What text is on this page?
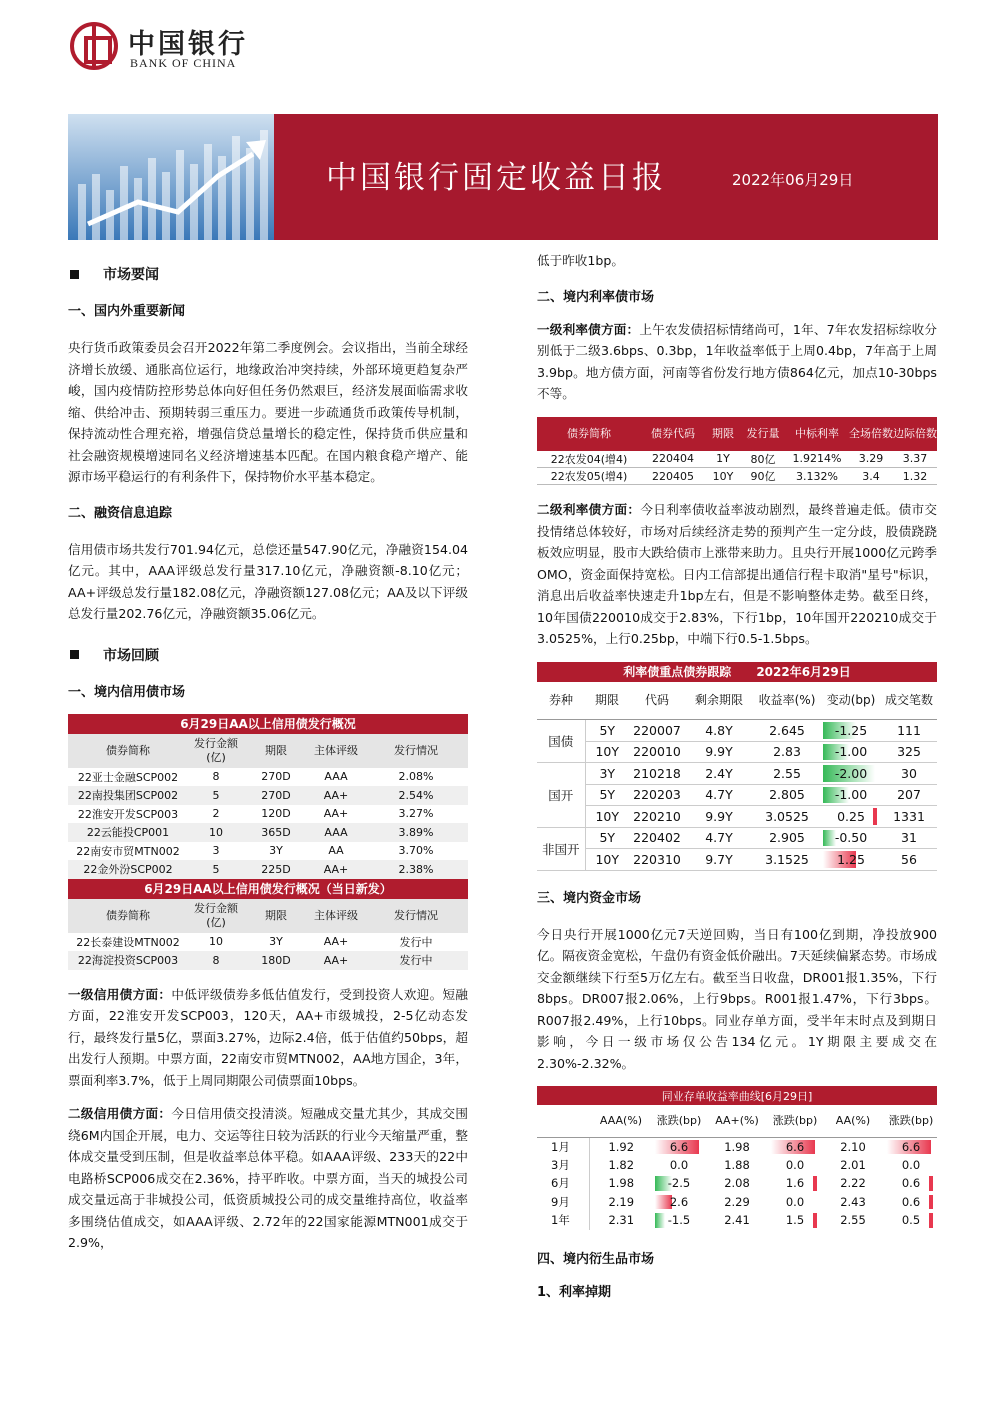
中国银行
BANK OF CHINA
中国银行固定收益日报	2022年06月29日
市场要闻
一、国内外重要新闻
央行货币政策委员会召开2022年第二季度例会。会议指出，当前全球经济增长放缓、通胀高位运行，地缘政治冲突持续，外部环境更趋复杂严峻，国内疫情防控形势总体向好但任务仍然艰巨，经济发展面临需求收缩、供给冲击、预期转弱三重压力。要进一步疏通货币政策传导机制，保持流动性合理充裕，增强信贷总量增长的稳定性，保持货币供应量和社会融资规模增速同名义经济增速基本匹配。在国内粮食稳产增产、能源市场平稳运行的有利条件下，保持物价水平基本稳定。
二、融资信息追踪
信用债市场共发行701.94亿元，总偿还量547.90亿元，净融资154.04亿元。其中，AAA评级总发行量317.10亿元，净融资额-8.10亿元；AA+评级总发行量182.08亿元，净融资额127.08亿元；AA及以下评级总发行量202.76亿元，净融资额35.06亿元。
市场回顾
一、境内信用债市场
6月29日AA以上信用债发行概况				
债券简称	发行金额(亿)	期限	主体评级	发行情况
22亚士金融SCP002	8	270D	AAA	2.08%
22南投集团SCP002	5	270D	AA+	2.54%
22淮安开发SCP003	2	120D	AA+	3.27%
22云能投CP001	10	365D	AAA	3.89%
22南安市贸MTN002	3	3Y	AA	3.70%
22金外汾SCP002	5	225D	AA+	2.38%
6月29日AA以上信用债发行概况（当日新发）				
债券简称	发行金额(亿)	期限	主体评级	发行情况
22长泰建设MTN002	10	3Y	AA+	发行中
22海淀投资SCP003	8	180D	AA+	发行中
一级信用债方面：中低评级债券多低估值发行，受到投资人欢迎。短融方面，22淮安开发SCP003，120天，AA+市级城投，2-5亿动态发行，最终发行量5亿，票面3.27%，边际2.4倍，低于估值约50bps，超出发行人预期。中票方面，22南安市贸MTN002，AA地方国企，3年，票面利率3.7%，低于上周同期限公司债票面10bps。
二级信用债方面：今日信用债交投清淡。短融成交量尤其少，其成交围绕6M内国企开展，电力、交运等往日较为活跃的行业今天缩量严重，整体成交量受到压制，但是收益率总体平稳。如AAA评级、233天的22中电路桥SCP006成交在2.36%，持平昨收。中票方面，当天的城投公司成交量远高于非城投公司，低资质城投公司的成交量维持高位，收益率多围绕估值成交，如AAA评级、2.72年的22国家能源MTN001成交于2.9%，
低于昨收1bp。
二、境内利率债市场
一级利率债方面：上午农发债招标情绪尚可，1年、7年农发招标综收分别低于二级3.6bps、0.3bp，1年收益率低于上周0.4bp，7年高于上周3.9bp。地方债方面，河南等省份发行地方债864亿元，加点10-30bps不等。
债券简称	债券代码	期限	发行量	中标利率	全场倍数	边际倍数
22农发04(增4)	220404	1Y	80亿	1.9214%	3.29	3.37
22农发05(增4)	220405	10Y	90亿	3.132%	3.4	1.32
二级利率债方面：今日利率债收益率波动剧烈，最终普遍走低。债市交投情绪总体较好，市场对后续经济走势的预判产生一定分歧，股债跷跷板效应明显，股市大跌给债市上涨带来助力。且央行开展1000亿元跨季OMO，资金面保持宽松。日内工信部提出通信行程卡取消"星号"标识，消息出后收益率快速走升1bp左右，但是不影响整体走势。截至日终，10年国债220010成交于2.83%，下行1bp，10年国开220210成交于3.0525%，上行0.25bp，中端下行0.5-1.5bps。
利率债重点债券跟踪 2022年6月29日						
券种	期限	代码	剩余期限	收益率(%)	变动(bp)	成交笔数
国债	5Y	220007	4.8Y	2.645	-1.25	111
	10Y	220010	9.9Y	2.83	-1.00	325
国开	3Y	210218	2.4Y	2.55	-2.00	30
	5Y	220203	4.7Y	2.805	-1.00	207
	10Y	220210	9.9Y	3.0525	0.25	1331
非国开	5Y	220402	4.7Y	2.905	-0.50	31
	10Y	220310	9.7Y	3.1525	1.25	56
三、境内资金市场
今日央行开展1000亿元7天逆回购，当日有100亿到期，净投放900亿。隔夜资金宽松，午盘仍有资金低价融出。7天延续偏紧态势。市场成交金额继续下行至5万亿左右。截至当日收盘，DR001报1.35%，下行8bps。DR007报2.06%，上行9bps。R001报1.47%，下行3bps。R007报2.49%，上行10bps。同业存单方面，受半年末时点及到期日影响，今日一级市场仅公告134亿元。1Y期限主要成交在2.30%-2.32%。
同业存单收益率曲线[6月29日]						
	AAA(%)	涨跌(bp)	AA+(%)	涨跌(bp)	AA(%)	涨跌(bp)
1月	1.92	6.6	1.98	6.6	2.10	6.6
3月	1.82	0.0	1.88	0.0	2.01	0.0
6月	1.98	-2.5	2.08	1.6	2.22	0.6
9月	2.19	2.6	2.29	0.0	2.43	0.6
1年	2.31	-1.5	2.41	1.5	2.55	0.5
四、境内衍生品市场
1、利率掉期
